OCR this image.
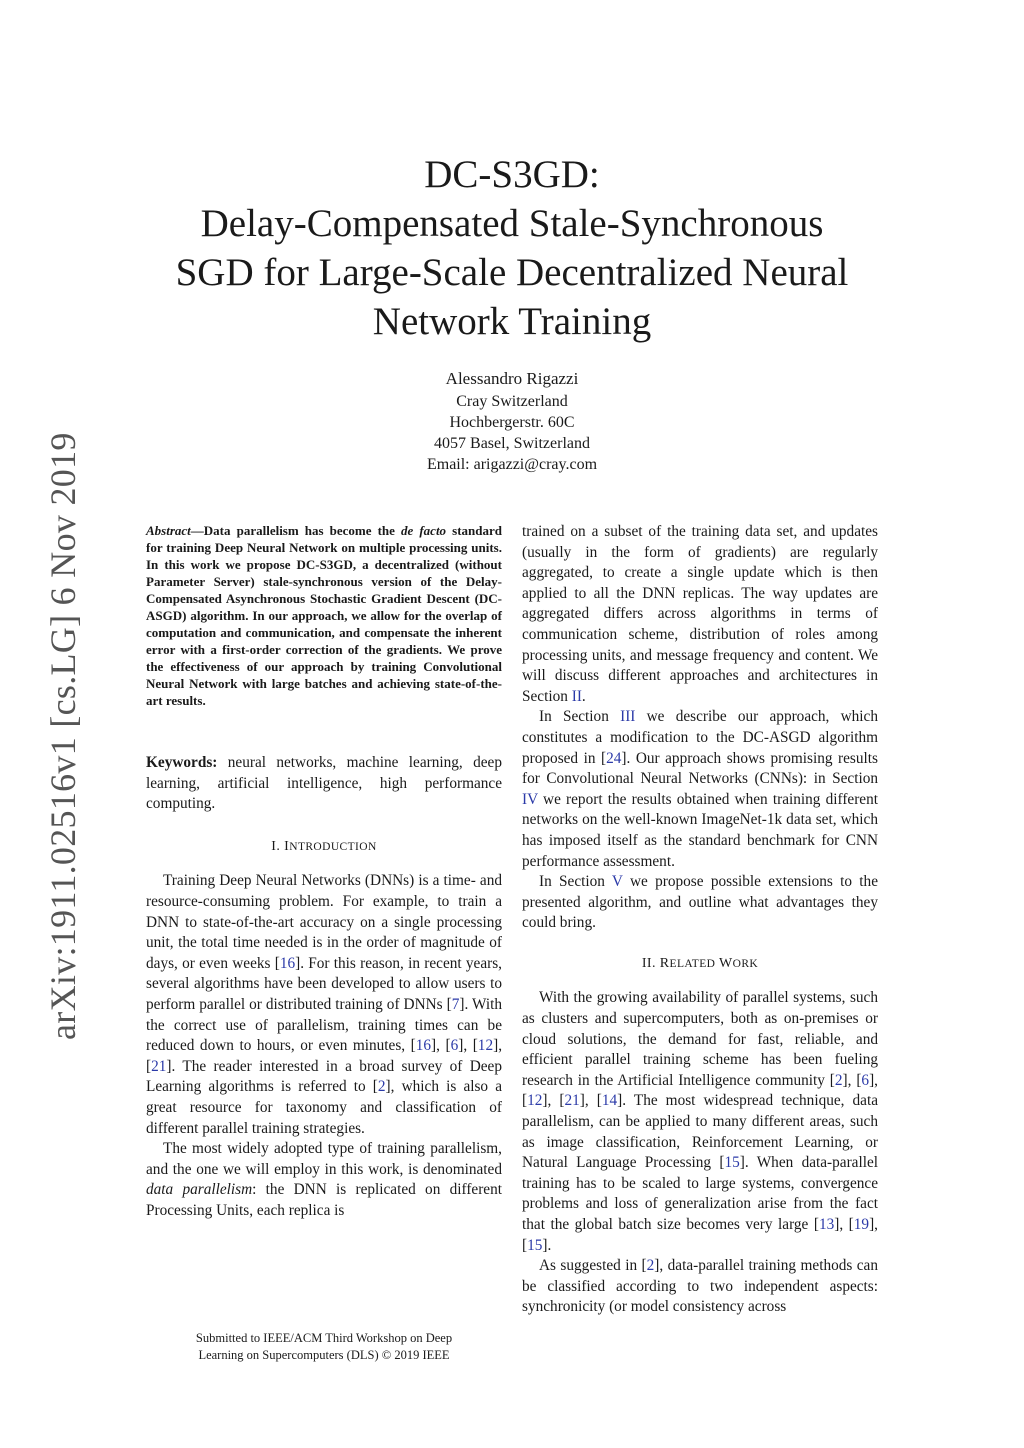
arXiv:1911.02516v1 [cs.LG] 6 Nov 2019
DC-S3GD:
Delay-Compensated Stale-Synchronous
SGD for Large-Scale Decentralized Neural
Network Training
Alessandro Rigazzi
Cray Switzerland
Hochbergerstr. 60C
4057 Basel, Switzerland
Email: arigazzi@cray.com
Abstract—Data parallelism has become the de facto standard for training Deep Neural Network on multiple processing units. In this work we propose DC-S3GD, a decentralized (without Parameter Server) stale-synchronous version of the Delay-Compensated Asynchronous Stochastic Gradient Descent (DC-ASGD) algorithm. In our approach, we allow for the overlap of computation and communication, and compensate the inherent error with a first-order correction of the gradients. We prove the effectiveness of our approach by training Convolutional Neural Network with large batches and achieving state-of-the-art results.
Keywords: neural networks, machine learning, deep learning, artificial intelligence, high performance computing.
I. INTRODUCTION

Training Deep Neural Networks (DNNs) is a time- and resource-consuming problem. For example, to train a DNN to state-of-the-art accuracy on a single processing unit, the total time needed is in the order of magnitude of days, or even weeks [16]. For this reason, in recent years, several algorithms have been developed to allow users to perform parallel or distributed training of DNNs [7]. With the correct use of parallelism, training times can be reduced down to hours, or even minutes, [16], [6], [12], [21]. The reader interested in a broad survey of Deep Learning algorithms is referred to [2], which is also a great resource for taxonomy and classification of different parallel training strategies.

The most widely adopted type of training parallelism, and the one we will employ in this work, is denominated data parallelism: the DNN is replicated on different Processing Units, each replica is

trained on a subset of the training data set, and updates (usually in the form of gradients) are regularly aggregated, to create a single update which is then applied to all the DNN replicas. The way updates are aggregated differs across algorithms in terms of communication scheme, distribution of roles among processing units, and message frequency and content. We will discuss different approaches and architectures in Section II.

In Section III we describe our approach, which constitutes a modification to the DC-ASGD algorithm proposed in [24]. Our approach shows promising results for Convolutional Neural Networks (CNNs): in Section IV we report the results obtained when training different networks on the well-known ImageNet-1k data set, which has imposed itself as the standard benchmark for CNN performance assessment.

In Section V we propose possible extensions to the presented algorithm, and outline what advantages they could bring.

II. RELATED WORK

With the growing availability of parallel systems, such as clusters and supercomputers, both as on-premises or cloud solutions, the demand for fast, reliable, and efficient parallel training scheme has been fueling research in the Artificial Intelligence community [2], [6], [12], [21], [14]. The most widespread technique, data parallelism, can be applied to many different areas, such as image classification, Reinforcement Learning, or Natural Language Processing [15]. When data-parallel training has to be scaled to large systems, convergence problems and loss of generalization arise from the fact that the global batch size becomes very large [13], [19], [15].

As suggested in [2], data-parallel training methods can be classified according to two independent aspects: synchronicity (or model consistency across

Submitted to IEEE/ACM Third Workshop on Deep
Learning on Supercomputers (DLS) © 2019 IEEE
